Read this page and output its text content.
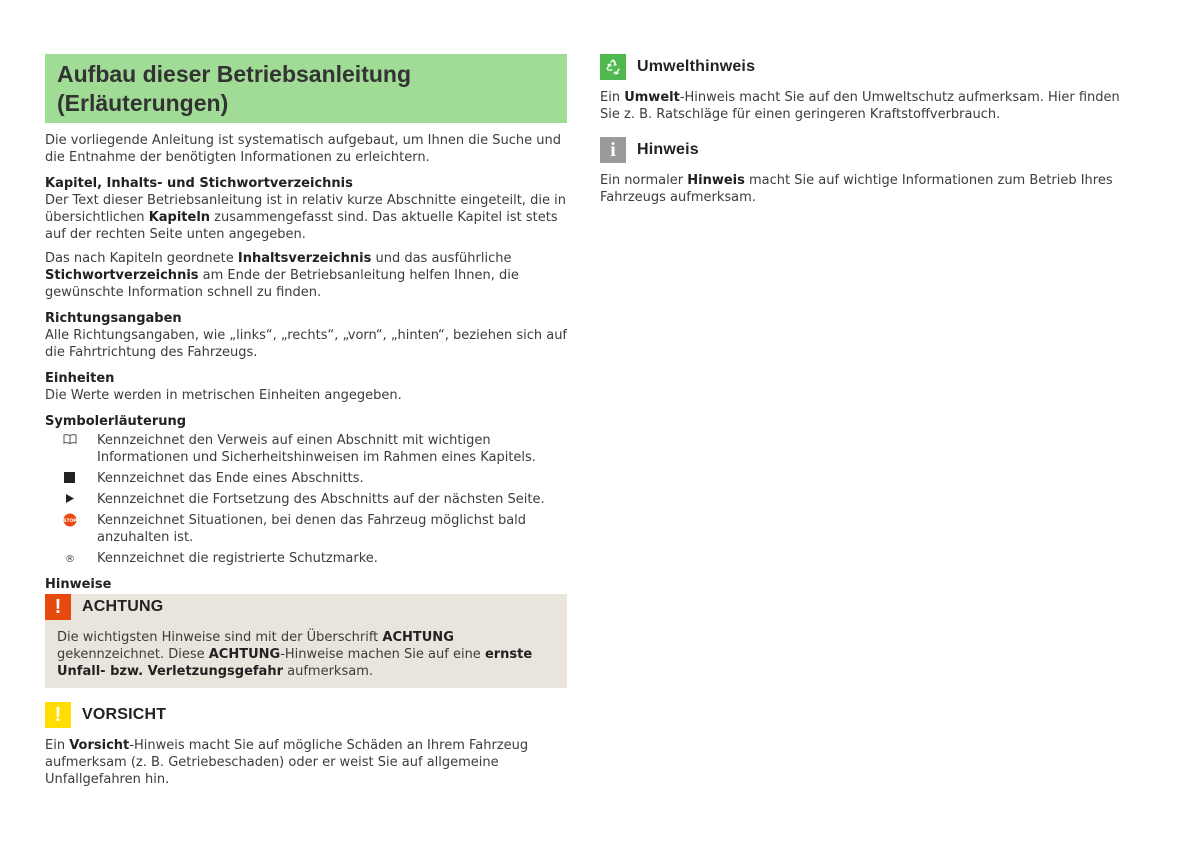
Aufbau dieser Betriebsanleitung (Erläuterungen)

Die vorliegende Anleitung ist systematisch aufgebaut, um Ihnen die Suche und die Entnahme der benötigten Informationen zu erleichtern.

Kapitel, Inhalts- und Stichwortverzeichnis

Der Text dieser Betriebsanleitung ist in relativ kurze Abschnitte eingeteilt, die in übersichtlichen Kapiteln zusammengefasst sind. Das aktuelle Kapitel ist stets auf der rechten Seite unten angegeben.

Das nach Kapiteln geordnete Inhaltsverzeichnis und das ausführliche Stichwortverzeichnis am Ende der Betriebsanleitung helfen Ihnen, die gewünschte Information schnell zu finden.

Richtungsangaben

Alle Richtungsangaben, wie „links“, „rechts“, „vorn“, „hinten“, beziehen sich auf die Fahrtrichtung des Fahrzeugs.

Einheiten

Die Werte werden in metrischen Einheiten angegeben.

Symbolerläuterung
Kennzeichnet den Verweis auf einen Abschnitt mit wichtigen Informationen und Sicherheitshinweisen im Rahmen eines Kapitels.
Kennzeichnet das Ende eines Abschnitts.
Kennzeichnet die Fortsetzung des Abschnitts auf der nächsten Seite.
STOP Kennzeichnet Situationen, bei denen das Fahrzeug möglichst bald anzuhalten ist.
® Kennzeichnet die registrierte Schutzmarke.
Hinweise
!	ACHTUNG

Die wichtigsten Hinweise sind mit der Überschrift ACHTUNG gekennzeichnet. Diese ACHTUNG-Hinweise machen Sie auf eine ernste Unfall- bzw. Verletzungsgefahr aufmerksam.

!	VORSICHT

Ein Vorsicht-Hinweis macht Sie auf mögliche Schäden an Ihrem Fahrzeug aufmerksam (z. B. Getriebeschaden) oder er weist Sie auf allgemeine Unfallgefahren hin.

Umwelthinweis

Ein Umwelt-Hinweis macht Sie auf den Umweltschutz aufmerksam. Hier finden Sie z. B. Ratschläge für einen geringeren Kraftstoffverbrauch.

i	Hinweis

Ein normaler Hinweis macht Sie auf wichtige Informationen zum Betrieb Ihres Fahrzeugs aufmerksam.
